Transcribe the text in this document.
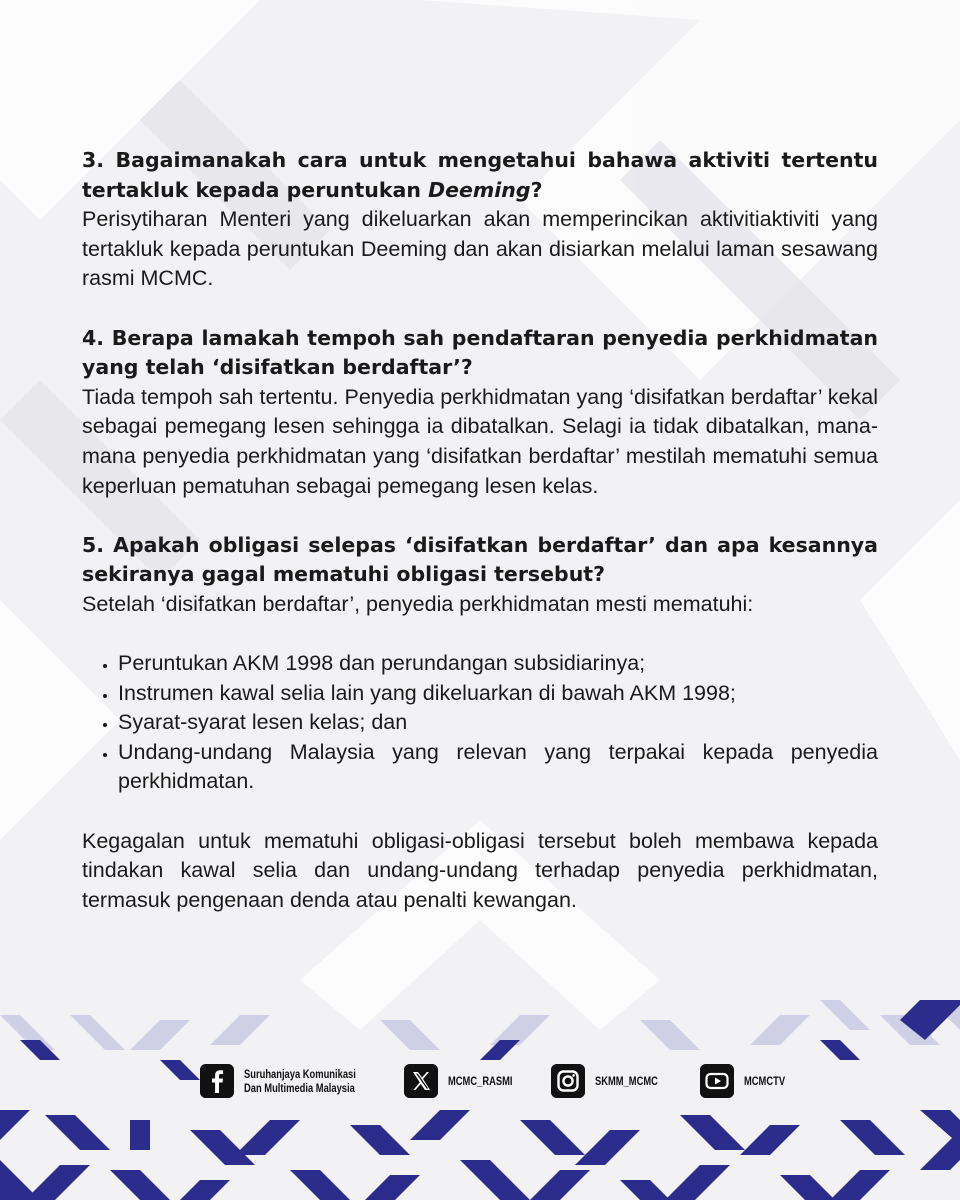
3. Bagaimanakah cara untuk mengetahui bahawa aktiviti tertentu tertakluk kepada peruntukan Deeming?

Perisytiharan Menteri yang dikeluarkan akan memperincikan aktivitiaktiviti yang tertakluk kepada peruntukan Deeming dan akan disiarkan melalui laman sesawang rasmi MCMC.

4. Berapa lamakah tempoh sah pendaftaran penyedia perkhidmatan yang telah ‘disifatkan berdaftar’?

Tiada tempoh sah tertentu. Penyedia perkhidmatan yang ‘disifatkan berdaftar’ kekal sebagai pemegang lesen sehingga ia dibatalkan. Selagi ia tidak dibatalkan, mana-mana penyedia perkhidmatan yang ‘disifatkan berdaftar’ mestilah mematuhi semua keperluan pematuhan sebagai pemegang lesen kelas.

5. Apakah obligasi selepas ‘disifatkan berdaftar’ dan apa kesannya sekiranya gagal mematuhi obligasi tersebut?

Setelah ‘disifatkan berdaftar’, penyedia perkhidmatan mesti mematuhi:

• Peruntukan AKM 1998 dan perundangan subsidiarinya;
• Instrumen kawal selia lain yang dikeluarkan di bawah AKM 1998;
• Syarat-syarat lesen kelas; dan
• Undang-undang Malaysia yang relevan yang terpakai kepada penyedia perkhidmatan.

Kegagalan untuk mematuhi obligasi-obligasi tersebut boleh membawa kepada tindakan kawal selia dan undang-undang terhadap penyedia perkhidmatan, termasuk pengenaan denda atau penalti kewangan.

Suruhanjaya Komunikasi
Dan Multimedia Malaysia	MCMC_RASMI	SKMM_MCMC	MCMCTV
